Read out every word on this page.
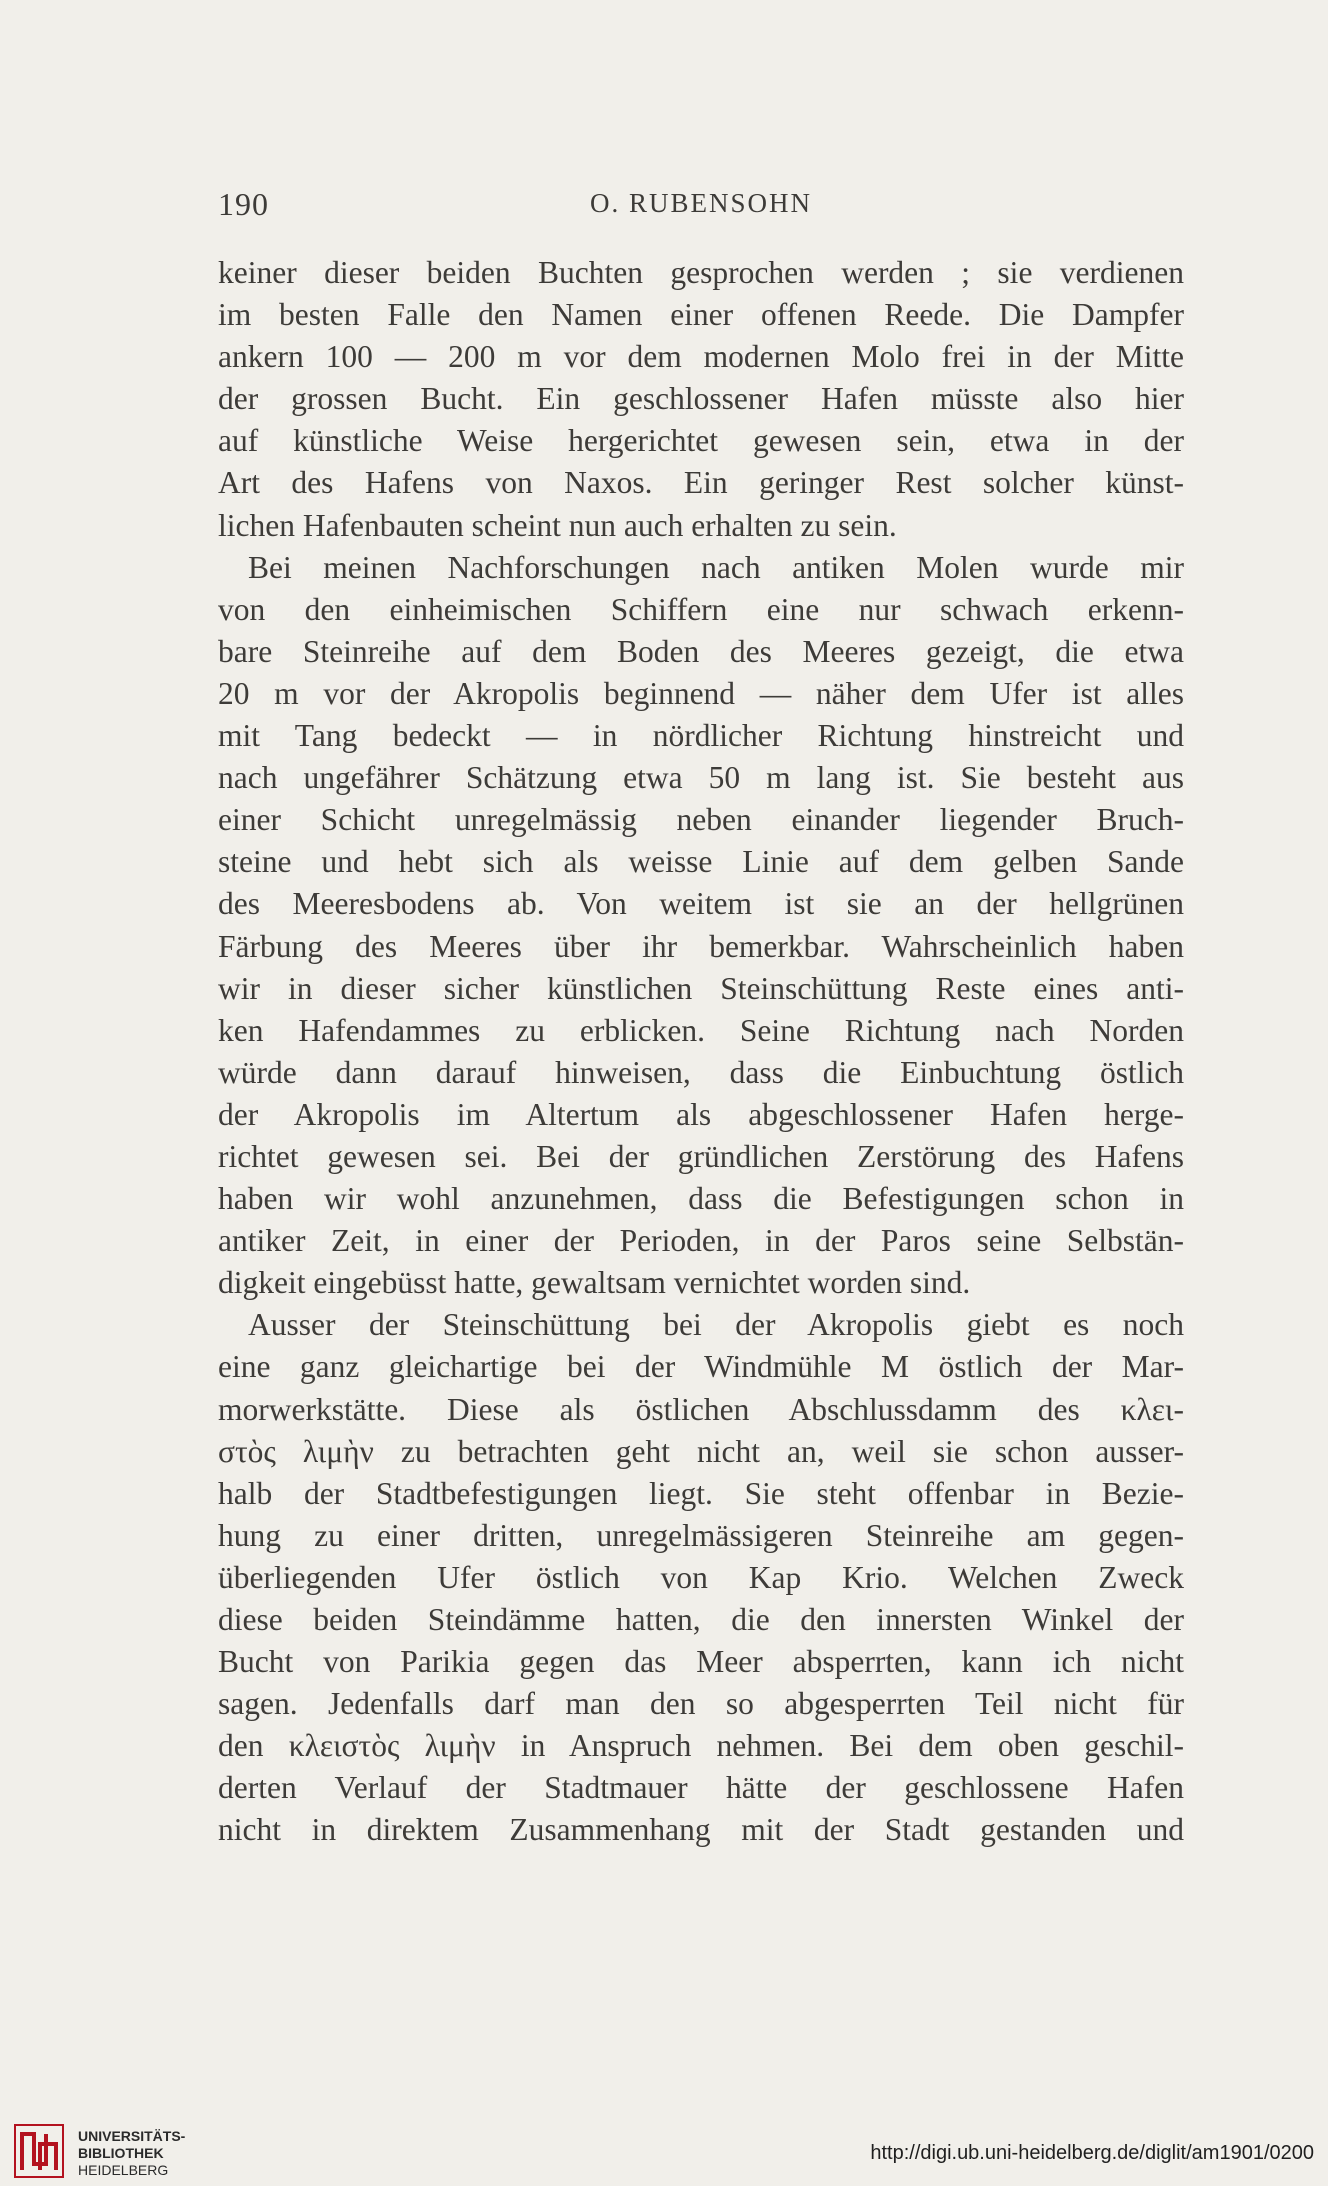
190	O. RUBENSOHN
keiner dieser beiden Buchten gesprochen werden ; sie verdienen
im besten Falle den Namen einer offenen Reede. Die Dampfer
ankern 100 — 200 m vor dem modernen Molo frei in der Mitte
der grossen Bucht. Ein geschlossener Hafen müsste also hier
auf künstliche Weise hergerichtet gewesen sein, etwa in der
Art des Hafens von Naxos. Ein geringer Rest solcher künst-
lichen Hafenbauten scheint nun auch erhalten zu sein.
Bei meinen Nachforschungen nach antiken Molen wurde mir
von den einheimischen Schiffern eine nur schwach erkenn-
bare Steinreihe auf dem Boden des Meeres gezeigt, die etwa
20 m vor der Akropolis beginnend — näher dem Ufer ist alles
mit Tang bedeckt — in nördlicher Richtung hinstreicht und
nach ungefährer Schätzung etwa 50 m lang ist. Sie besteht aus
einer Schicht unregelmässig neben einander liegender Bruch-
steine und hebt sich als weisse Linie auf dem gelben Sande
des Meeresbodens ab. Von weitem ist sie an der hellgrünen
Färbung des Meeres über ihr bemerkbar. Wahrscheinlich haben
wir in dieser sicher künstlichen Steinschüttung Reste eines anti-
ken Hafendammes zu erblicken. Seine Richtung nach Norden
würde dann darauf hinweisen, dass die Einbuchtung östlich
der Akropolis im Altertum als abgeschlossener Hafen herge-
richtet gewesen sei. Bei der gründlichen Zerstörung des Hafens
haben wir wohl anzunehmen, dass die Befestigungen schon in
antiker Zeit, in einer der Perioden, in der Paros seine Selbstän-
digkeit eingebüsst hatte, gewaltsam vernichtet worden sind.
Ausser der Steinschüttung bei der Akropolis giebt es noch
eine ganz gleichartige bei der Windmühle M östlich der Mar-
morwerkstätte. Diese als östlichen Abschlussdamm des κλει-
στὸς λιμὴν zu betrachten geht nicht an, weil sie schon ausser-
halb der Stadtbefestigungen liegt. Sie steht offenbar in Bezie-
hung zu einer dritten, unregelmässigeren Steinreihe am gegen-
überliegenden Ufer östlich von Kap Krio. Welchen Zweck
diese beiden Steindämme hatten, die den innersten Winkel der
Bucht von Parikia gegen das Meer absperrten, kann ich nicht
sagen. Jedenfalls darf man den so abgesperrten Teil nicht für
den κλειστὸς λιμὴν in Anspruch nehmen. Bei dem oben geschil-
derten Verlauf der Stadtmauer hätte der geschlossene Hafen
nicht in direktem Zusammenhang mit der Stadt gestanden und
UNIVERSITÄTS-
BIBLIOTHEK
HEIDELBERG
http://digi.ub.uni-heidelberg.de/diglit/am1901/0200
